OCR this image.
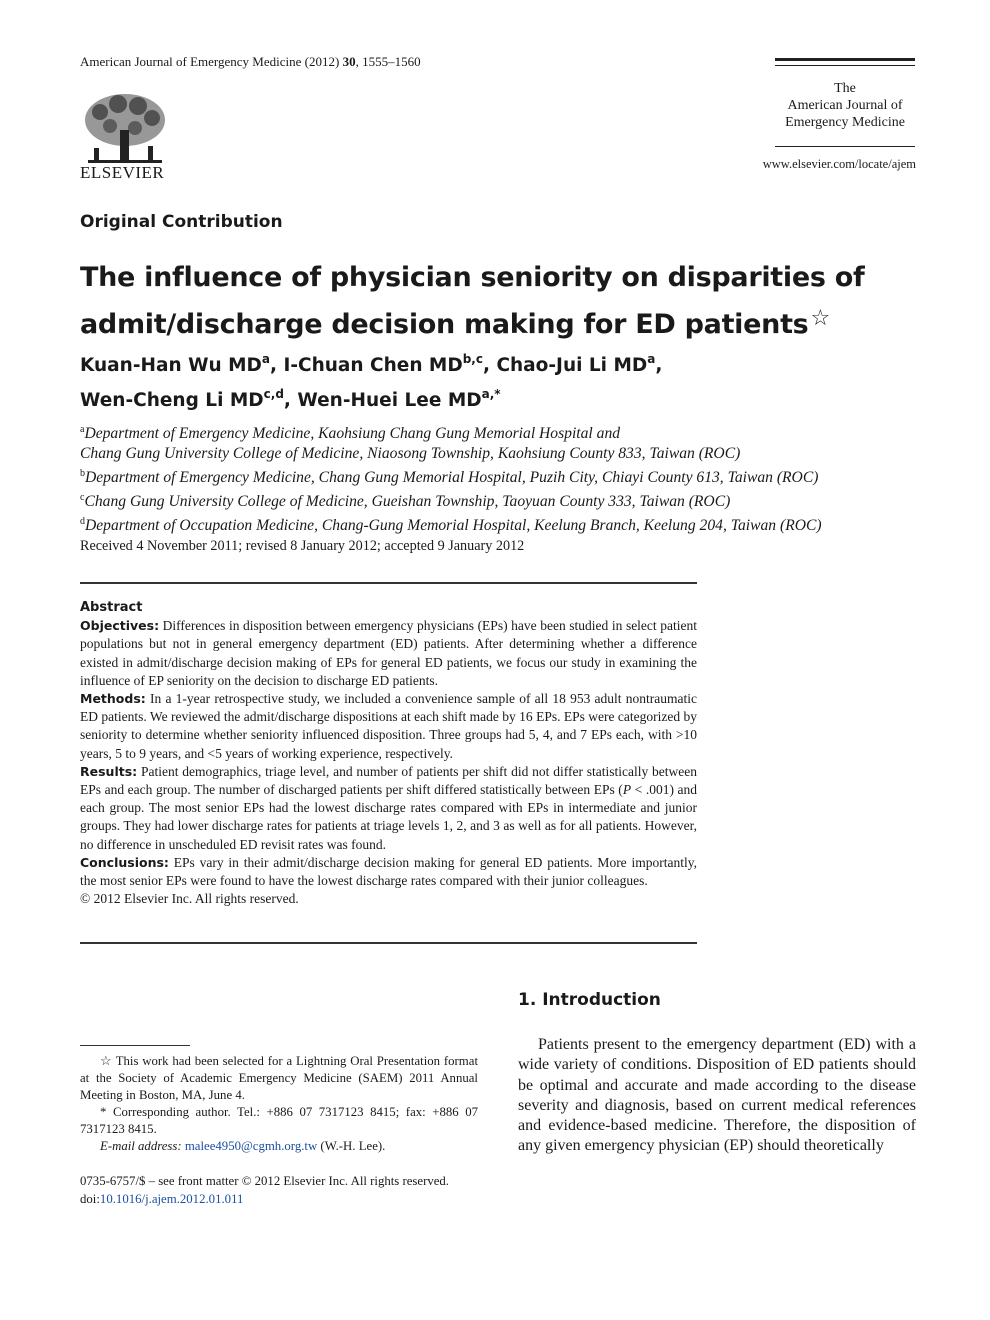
American Journal of Emergency Medicine (2012) 30, 1555–1560
ELSEVIER
The
American Journal of
Emergency Medicine
www.elsevier.com/locate/ajem
Original Contribution
The influence of physician seniority on disparities of
admit/discharge decision making for ED patients☆
Kuan-Han Wu $MD^a$, I-Chuan Chen MD$^{b,c}$, Chao-Jui Li $MD^a$,
Wen-Cheng Li MD$^{c,d}$, Wen-Huei Lee $MD^{a,*}$
$^a$Department of Emergency Medicine, Kaohsiung Chang Gung Memorial Hospital and
Chang Gung University College of Medicine, Niaosong Township, Kaohsiung County 833, Taiwan (ROC)
$^b$Department of Emergency Medicine, Chang Gung Memorial Hospital, Puzih City, Chiayi County 613, Taiwan (ROC)
$^c$Chang Gung University College of Medicine, Gueishan Township, Taoyuan County 333, Taiwan (ROC)
$^d$Department of Occupation Medicine, Chang-Gung Memorial Hospital, Keelung Branch, Keelung 204, Taiwan (ROC)
Received 4 November 2011; revised 8 January 2012; accepted 9 January 2012

Abstract

Objectives: Differences in disposition between emergency physicians (EPs) have been studied in select patient populations but not in general emergency department (ED) patients. After determining whether a difference existed in admit/discharge decision making of EPs for general ED patients, we focus our study in examining the influence of EP seniority on the decision to discharge ED patients.

Methods: In a 1-year retrospective study, we included a convenience sample of all 18 953 adult nontraumatic ED patients. We reviewed the admit/discharge dispositions at each shift made by 16 EPs. EPs were categorized by seniority to determine whether seniority influenced disposition. Three groups had 5, 4, and 7 EPs each, with >10 years, 5 to 9 years, and <5 years of working experience, respectively.

Results: Patient demographics, triage level, and number of patients per shift did not differ statistically between EPs and each group. The number of discharged patients per shift differed statistically between EPs (P < .001) and each group. The most senior EPs had the lowest discharge rates compared with EPs in intermediate and junior groups. They had lower discharge rates for patients at triage levels 1, 2, and 3 as well as for all patients. However, no difference in unscheduled ED revisit rates was found.

Conclusions: EPs vary in their admit/discharge decision making for general ED patients. More importantly, the most senior EPs were found to have the lowest discharge rates compared with their junior colleagues.

© 2012 Elsevier Inc. All rights reserved.

1. Introduction
Patients present to the emergency department (ED) with a wide variety of conditions. Disposition of ED patients should be optimal and accurate and made according to the disease severity and diagnosis, based on current medical references and evidence-based medicine. Therefore, the disposition of any given emergency physician (EP) should theoretically

☆ This work had been selected for a Lightning Oral Presentation format at the Society of Academic Emergency Medicine (SAEM) 2011 Annual Meeting in Boston, MA, June 4.

* Corresponding author. Tel.: +886 07 7317123 8415; fax: +886 07 7317123 8415.

E-mail address: malee4950@cgmh.org.tw (W.-H. Lee).

0735-6757/$ – see front matter © 2012 Elsevier Inc. All rights reserved.
doi:10.1016/j.ajem.2012.01.011
